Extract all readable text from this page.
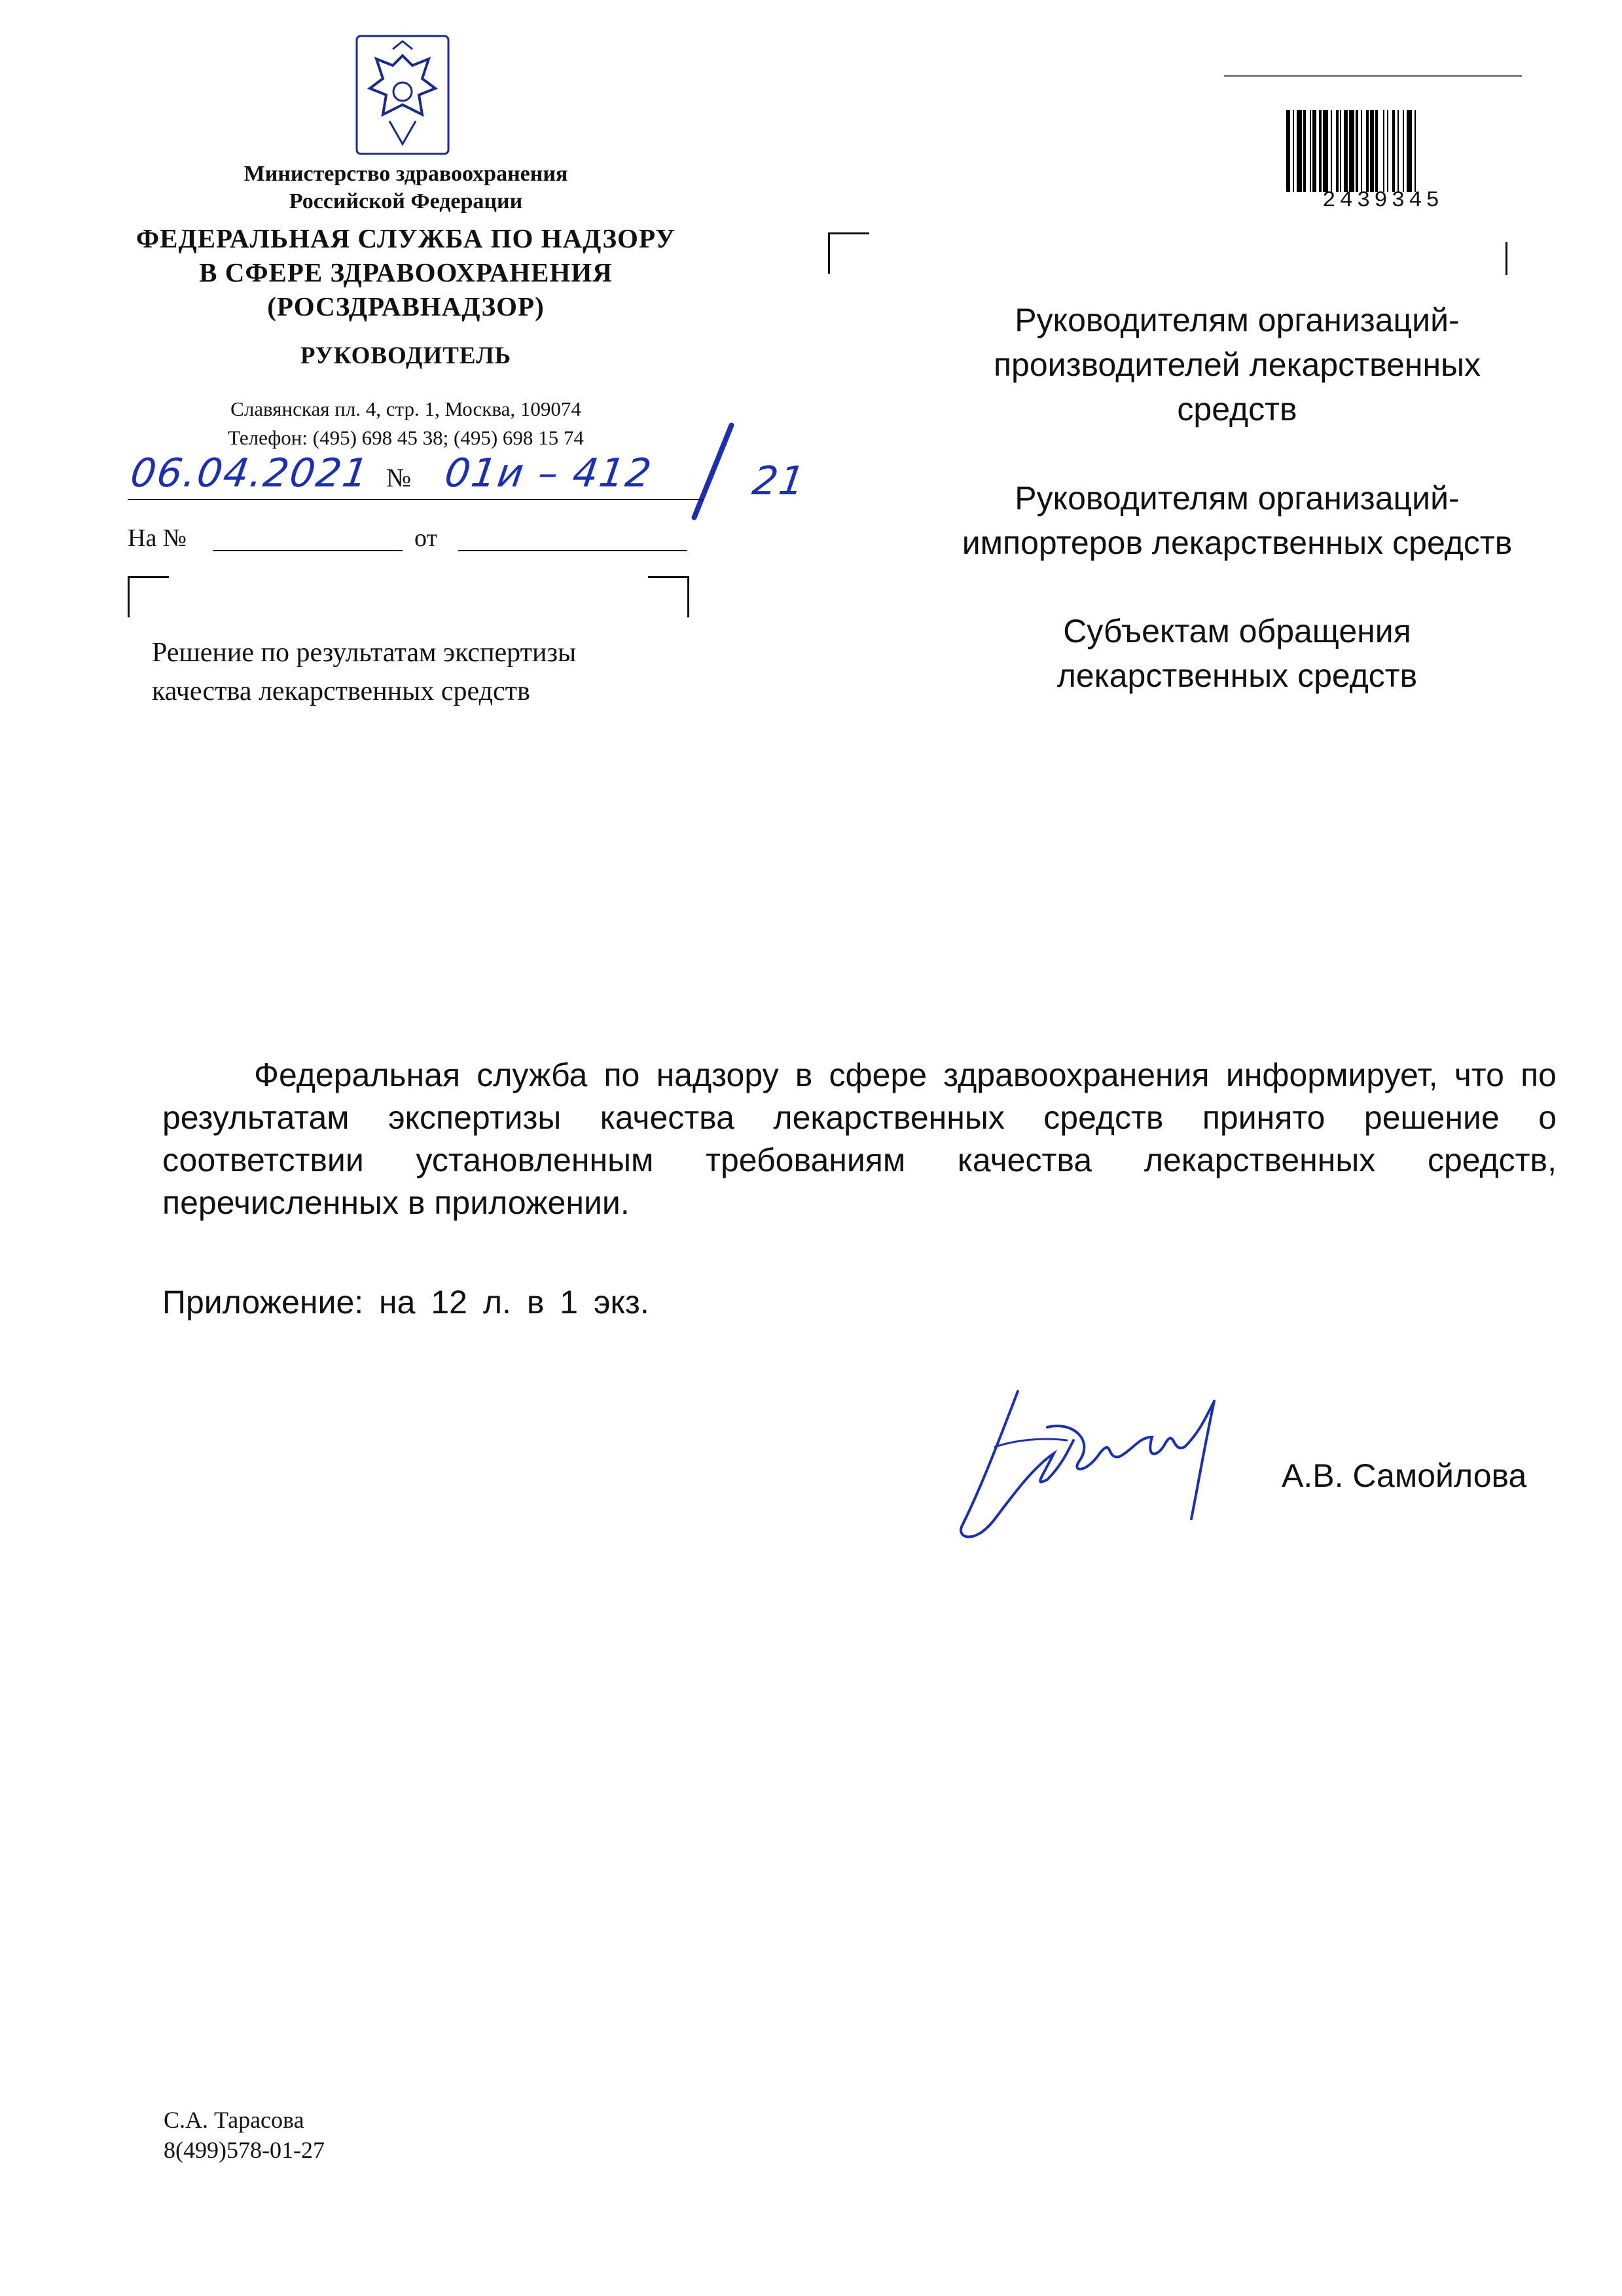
Министерство здравоохранения
Российской Федерации
ФЕДЕРАЛЬНАЯ СЛУЖБА ПО НАДЗОРУ
В СФЕРЕ ЗДРАВООХРАНЕНИЯ
(РОСЗДРАВНАДЗОР)
РУКОВОДИТЕЛЬ
Славянская пл. 4, стр. 1, Москва, 109074
Телефон: (495) 698 45 38; (495) 698 15 74
06.04.2021 № 01и – 412 21
На №	от
Решение по результатам экспертизы
качества лекарственных средств
2439345
Руководителям организаций-
производителей лекарственных
средств
Руководителям организаций-
импортеров лекарственных средств
Субъектам обращения
лекарственных средств
Федеральная служба по надзору в сфере здравоохранения информирует, что по результатам экспертизы качества лекарственных средств принято решение о соответствии установленным требованиям качества лекарственных средств, перечисленных в приложении.
Приложение: на 12 л. в 1 экз.
А.В. Самойлова
С.А. Тарасова
8(499)578-01-27
